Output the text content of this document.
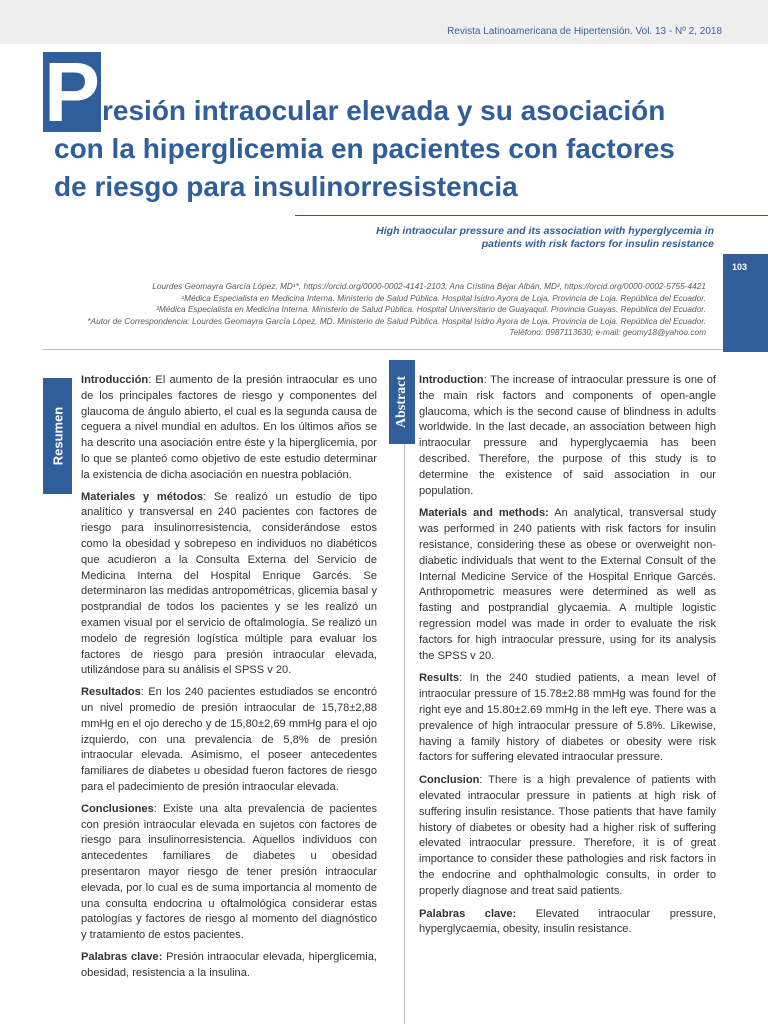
Revista Latinoamericana de Hipertensión. Vol. 13 - Nº 2, 2018
P resión intraocular elevada y su asociación
con la hiperglicemia en pacientes con factores
de riesgo para insulinorresistencia
High intraocular pressure and its association with hyperglycemia in
patients with risk factors for insulin resistance
103
Lourdes Geomayra García López, MD¹*, https://orcid.org/0000-0002-4141-2103, Ana Cristina Béjar Albán, MD², https://orcid.org/0000-0002-5755-4421
¹Médica Especialista en Medicina Interna. Ministerio de Salud Pública. Hospital Isidro Ayora de Loja. Provincia de Loja. República del Ecuador.
²Médica Especialista en Medicina Interna. Ministerio de Salud Pública. Hospital Universitario de Guayaquil. Provincia Guayas. República del Ecuador.
*Autor de Correspondencia: Lourdes Geomayra García López, MD. Ministerio de Salud Pública. Hospital Isidro Ayora de Loja. Provincia de Loja. República del Ecuador.
Teléfono: 0987113630; e-mail: geomy18@yahoo.com
Resumen
Abstract

Introducción: El aumento de la presión intraocular es uno de los principales factores de riesgo y componentes del glaucoma de ángulo abierto, el cual es la segunda causa de ceguera a nivel mundial en adultos. En los últimos años se ha descrito una asociación entre éste y la hiperglicemia, por lo que se planteó como objetivo de este estudio determinar la existencia de dicha asociación en nuestra población.

Materiales y métodos: Se realizó un estudio de tipo analítico y transversal en 240 pacientes con factores de riesgo para insulinorresistencia, considerándose estos como la obesidad y sobrepeso en individuos no diabéticos que acudieron a la Consulta Externa del Servicio de Medicina Interna del Hospital Enrique Garcés. Se determinaron las medidas antropométricas, glicemia basal y postprandial de todos los pacientes y se les realizó un examen visual por el servicio de oftalmología. Se realizó un modelo de regresión logística múltiple para evaluar los factores de riesgo para presión intraocular elevada, utilizándose para su análisis el SPSS v 20.

Resultados: En los 240 pacientes estudiados se encontró un nivel promedio de presión intraocular de 15,78±2,88 mmHg en el ojo derecho y de 15,80±2,69 mmHg para el ojo izquierdo, con una prevalencia de 5,8% de presión intraocular elevada. Asimismo, el poseer antecedentes familiares de diabetes u obesidad fueron factores de riesgo para el padecimiento de presión intraocular elevada.

Conclusiones: Existe una alta prevalencia de pacientes con presión intraocular elevada en sujetos con factores de riesgo para insulinorresistencia. Aquellos individuos con antecedentes familiares de diabetes u obesidad presentaron mayor riesgo de tener presión intraocular elevada, por lo cual es de suma importancia al momento de una consulta endocrina u oftalmológica considerar estas patologías y factores de riesgo al momento del diagnóstico y tratamiento de estos pacientes.

Palabras clave: Presión intraocular elevada, hiperglicemia, obesidad, resistencia a la insulina.

Introduction: The increase of intraocular pressure is one of the main risk factors and components of open-angle glaucoma, which is the second cause of blindness in adults worldwide. In the last decade, an association between high intraocular pressure and hyperglycaemia has been described. Therefore, the purpose of this study is to determine the existence of said association in our population.

Materials and methods: An analytical, transversal study was performed in 240 patients with risk factors for insulin resistance, considering these as obese or overweight non-diabetic individuals that went to the External Consult of the Internal Medicine Service of the Hospital Enrique Garcés. Anthropometric measures were determined as well as fasting and postprandial glycaemia. A multiple logistic regression model was made in order to evaluate the risk factors for high intraocular pressure, using for its analysis the SPSS v 20.

Results: In the 240 studied patients, a mean level of intraocular pressure of 15.78±2.88 mmHg was found for the right eye and 15.80±2.69 mmHg in the left eye. There was a prevalence of high intraocular pressure of 5.8%. Likewise, having a family history of diabetes or obesity were risk factors for suffering elevated intraocular pressure.

Conclusion: There is a high prevalence of patients with elevated intraocular pressure in patients at high risk of suffering insulin resistance. Those patients that have family history of diabetes or obesity had a higher risk of suffering elevated intraocular pressure. Therefore, it is of great importance to consider these pathologies and risk factors in the endocrine and ophthalmologic consults, in order to properly diagnose and treat said patients.

Palabras clave: Elevated intraocular pressure, hyperglycaemia, obesity, insulin resistance.
